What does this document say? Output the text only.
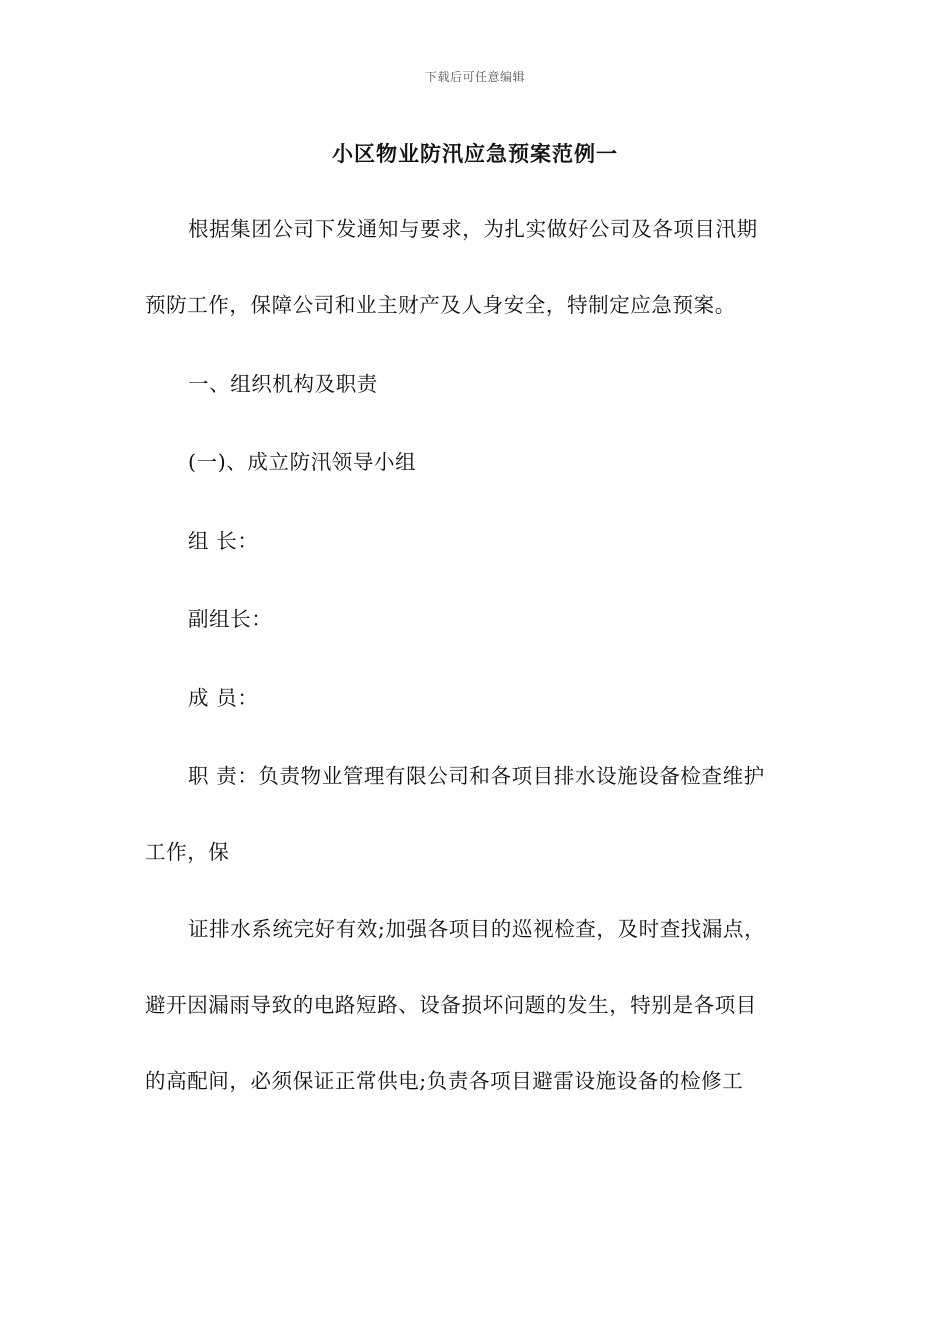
下载后可任意编辑
小区物业防汛应急预案范例一
根据集团公司下发通知与要求，为扎实做好公司及各项目汛期
预防工作，保障公司和业主财产及人身安全，特制定应急预案。
一、组织机构及职责
(一)、成立防汛领导小组
组 长：
副组长：
成 员：
职 责：负责物业管理有限公司和各项目排水设施设备检查维护
工作，保
证排水系统完好有效;加强各项目的巡视检查，及时查找漏点，
避开因漏雨导致的电路短路、设备损坏问题的发生，特别是各项目
的高配间，必须保证正常供电;负责各项目避雷设施设备的检修工
